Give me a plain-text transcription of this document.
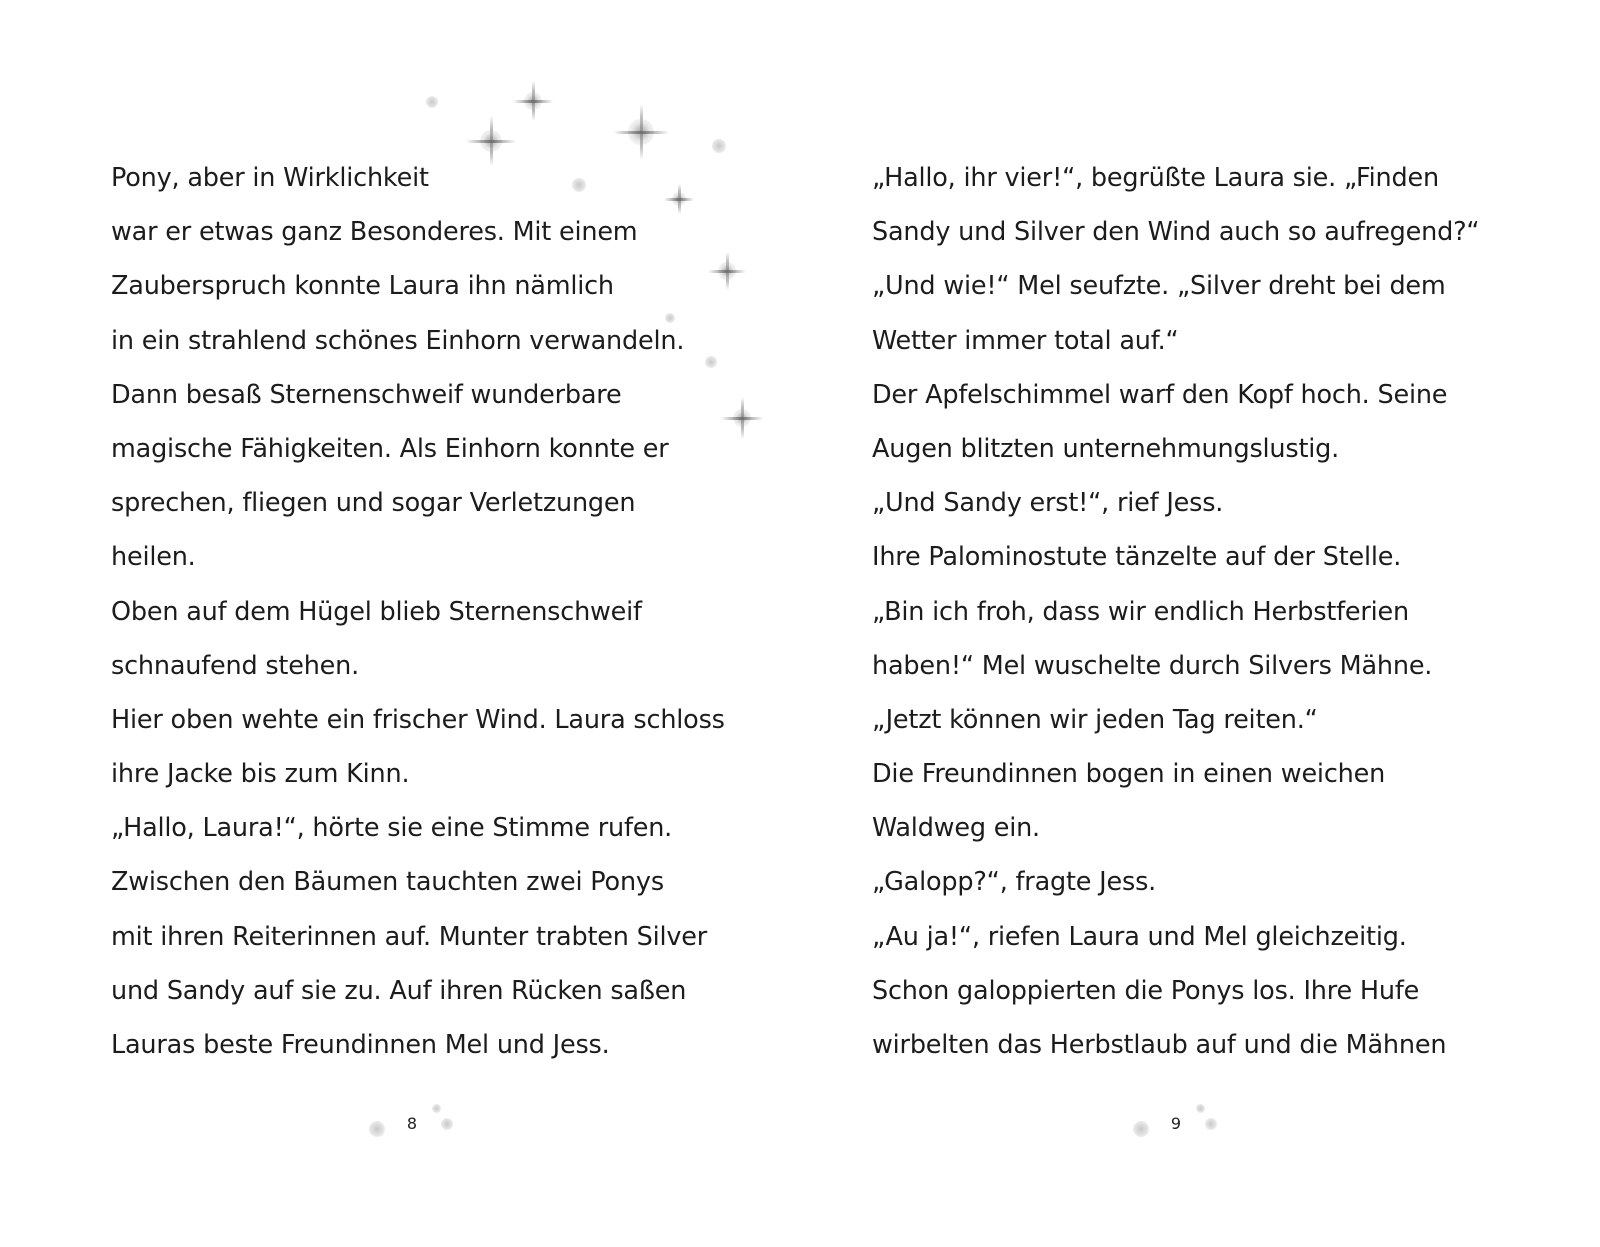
Pony, aber in Wirklichkeit
war er etwas ganz Besonderes. Mit einem
Zauberspruch konnte Laura ihn nämlich
in ein strahlend schönes Einhorn verwandeln.
Dann besaß Sternenschweif wunderbare
magische Fähigkeiten. Als Einhorn konnte er
sprechen, fliegen und sogar Verletzungen
heilen.
Oben auf dem Hügel blieb Sternenschweif
schnaufend stehen.
Hier oben wehte ein frischer Wind. Laura schloss
ihre Jacke bis zum Kinn.
„Hallo, Laura!“, hörte sie eine Stimme rufen.
Zwischen den Bäumen tauchten zwei Ponys
mit ihren Reiterinnen auf. Munter trabten Silver
und Sandy auf sie zu. Auf ihren Rücken saßen
Lauras beste Freundinnen Mel und Jess.
8
„Hallo, ihr vier!“, begrüßte Laura sie. „Finden
Sandy und Silver den Wind auch so aufregend?“
„Und wie!“ Mel seufzte. „Silver dreht bei dem
Wetter immer total auf.“
Der Apfelschimmel warf den Kopf hoch. Seine
Augen blitzten unternehmungslustig.
„Und Sandy erst!“, rief Jess.
Ihre Palominostute tänzelte auf der Stelle.
„Bin ich froh, dass wir endlich Herbstferien
haben!“ Mel wuschelte durch Silvers Mähne.
„Jetzt können wir jeden Tag reiten.“
Die Freundinnen bogen in einen weichen
Waldweg ein.
„Galopp?“, fragte Jess.
„Au ja!“, riefen Laura und Mel gleichzeitig.
Schon galoppierten die Ponys los. Ihre Hufe
wirbelten das Herbstlaub auf und die Mähnen
9
